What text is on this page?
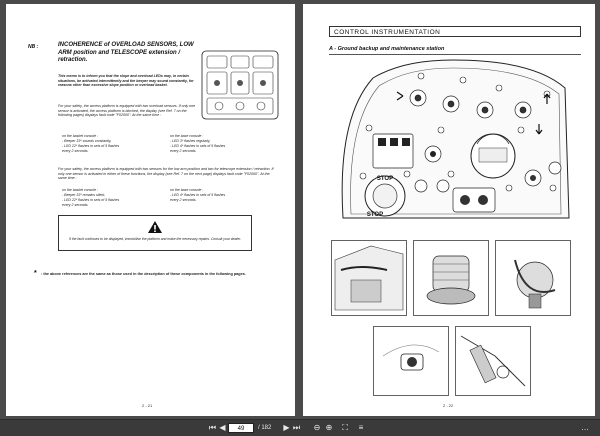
NB :	INCOHERENCE of OVERLOAD SENSORS, LOW ARM position and TELESCOPE extension / retraction.
This memo is to inform you that the slope and overload LEDs may, in certain situations, be activated intermittently and the beeper may sound constantly, for reasons other than excessive slope position or overload basket.
For your safety, the access platform is equipped with two overload sensors. If only one sensor is activated, the access platform is blocked, the display (see Ref. 7 on the following pages) displays fault code "F02000". At the same time :
on the basket console :
- Beeper 33* sounds constantly,
- LED 22* flashes in sets of 5 flashes
every 2 seconds.
on the base console :
- LED 3* flashes regularly,
- LED 4* flashes in sets of 5 flashes
every 2 seconds.
For your safety, the access platform is equipped with two sensors for the low arm position and two for telescope extension / retraction. If only one sensor is activated in either of these functions, the display (see Ref. 7 on the next page) displays fault code "F02000". At the same time :
on the basket console :
- Beeper 33* remains silent,
- LED 22* flashes in sets of 5 flashes
every 2 seconds.
on the base console :
- LED 4* flashes in sets of 5 flashes
every 2 seconds.
If the fault continues to be displayed, immobilise the platform and make the necessary repairs. Consult your dealer.
* : the above references are the same as those used in the description of these components in the following pages.
2 - 21
CONTROL INSTRUMENTATION
A - Ground backup and maintenance station
STOP
STOP
2 - 22
⏮ ◀	49	/ 182 ▶ ⏭ ⊖ ⊕ ⛶	≡	…
